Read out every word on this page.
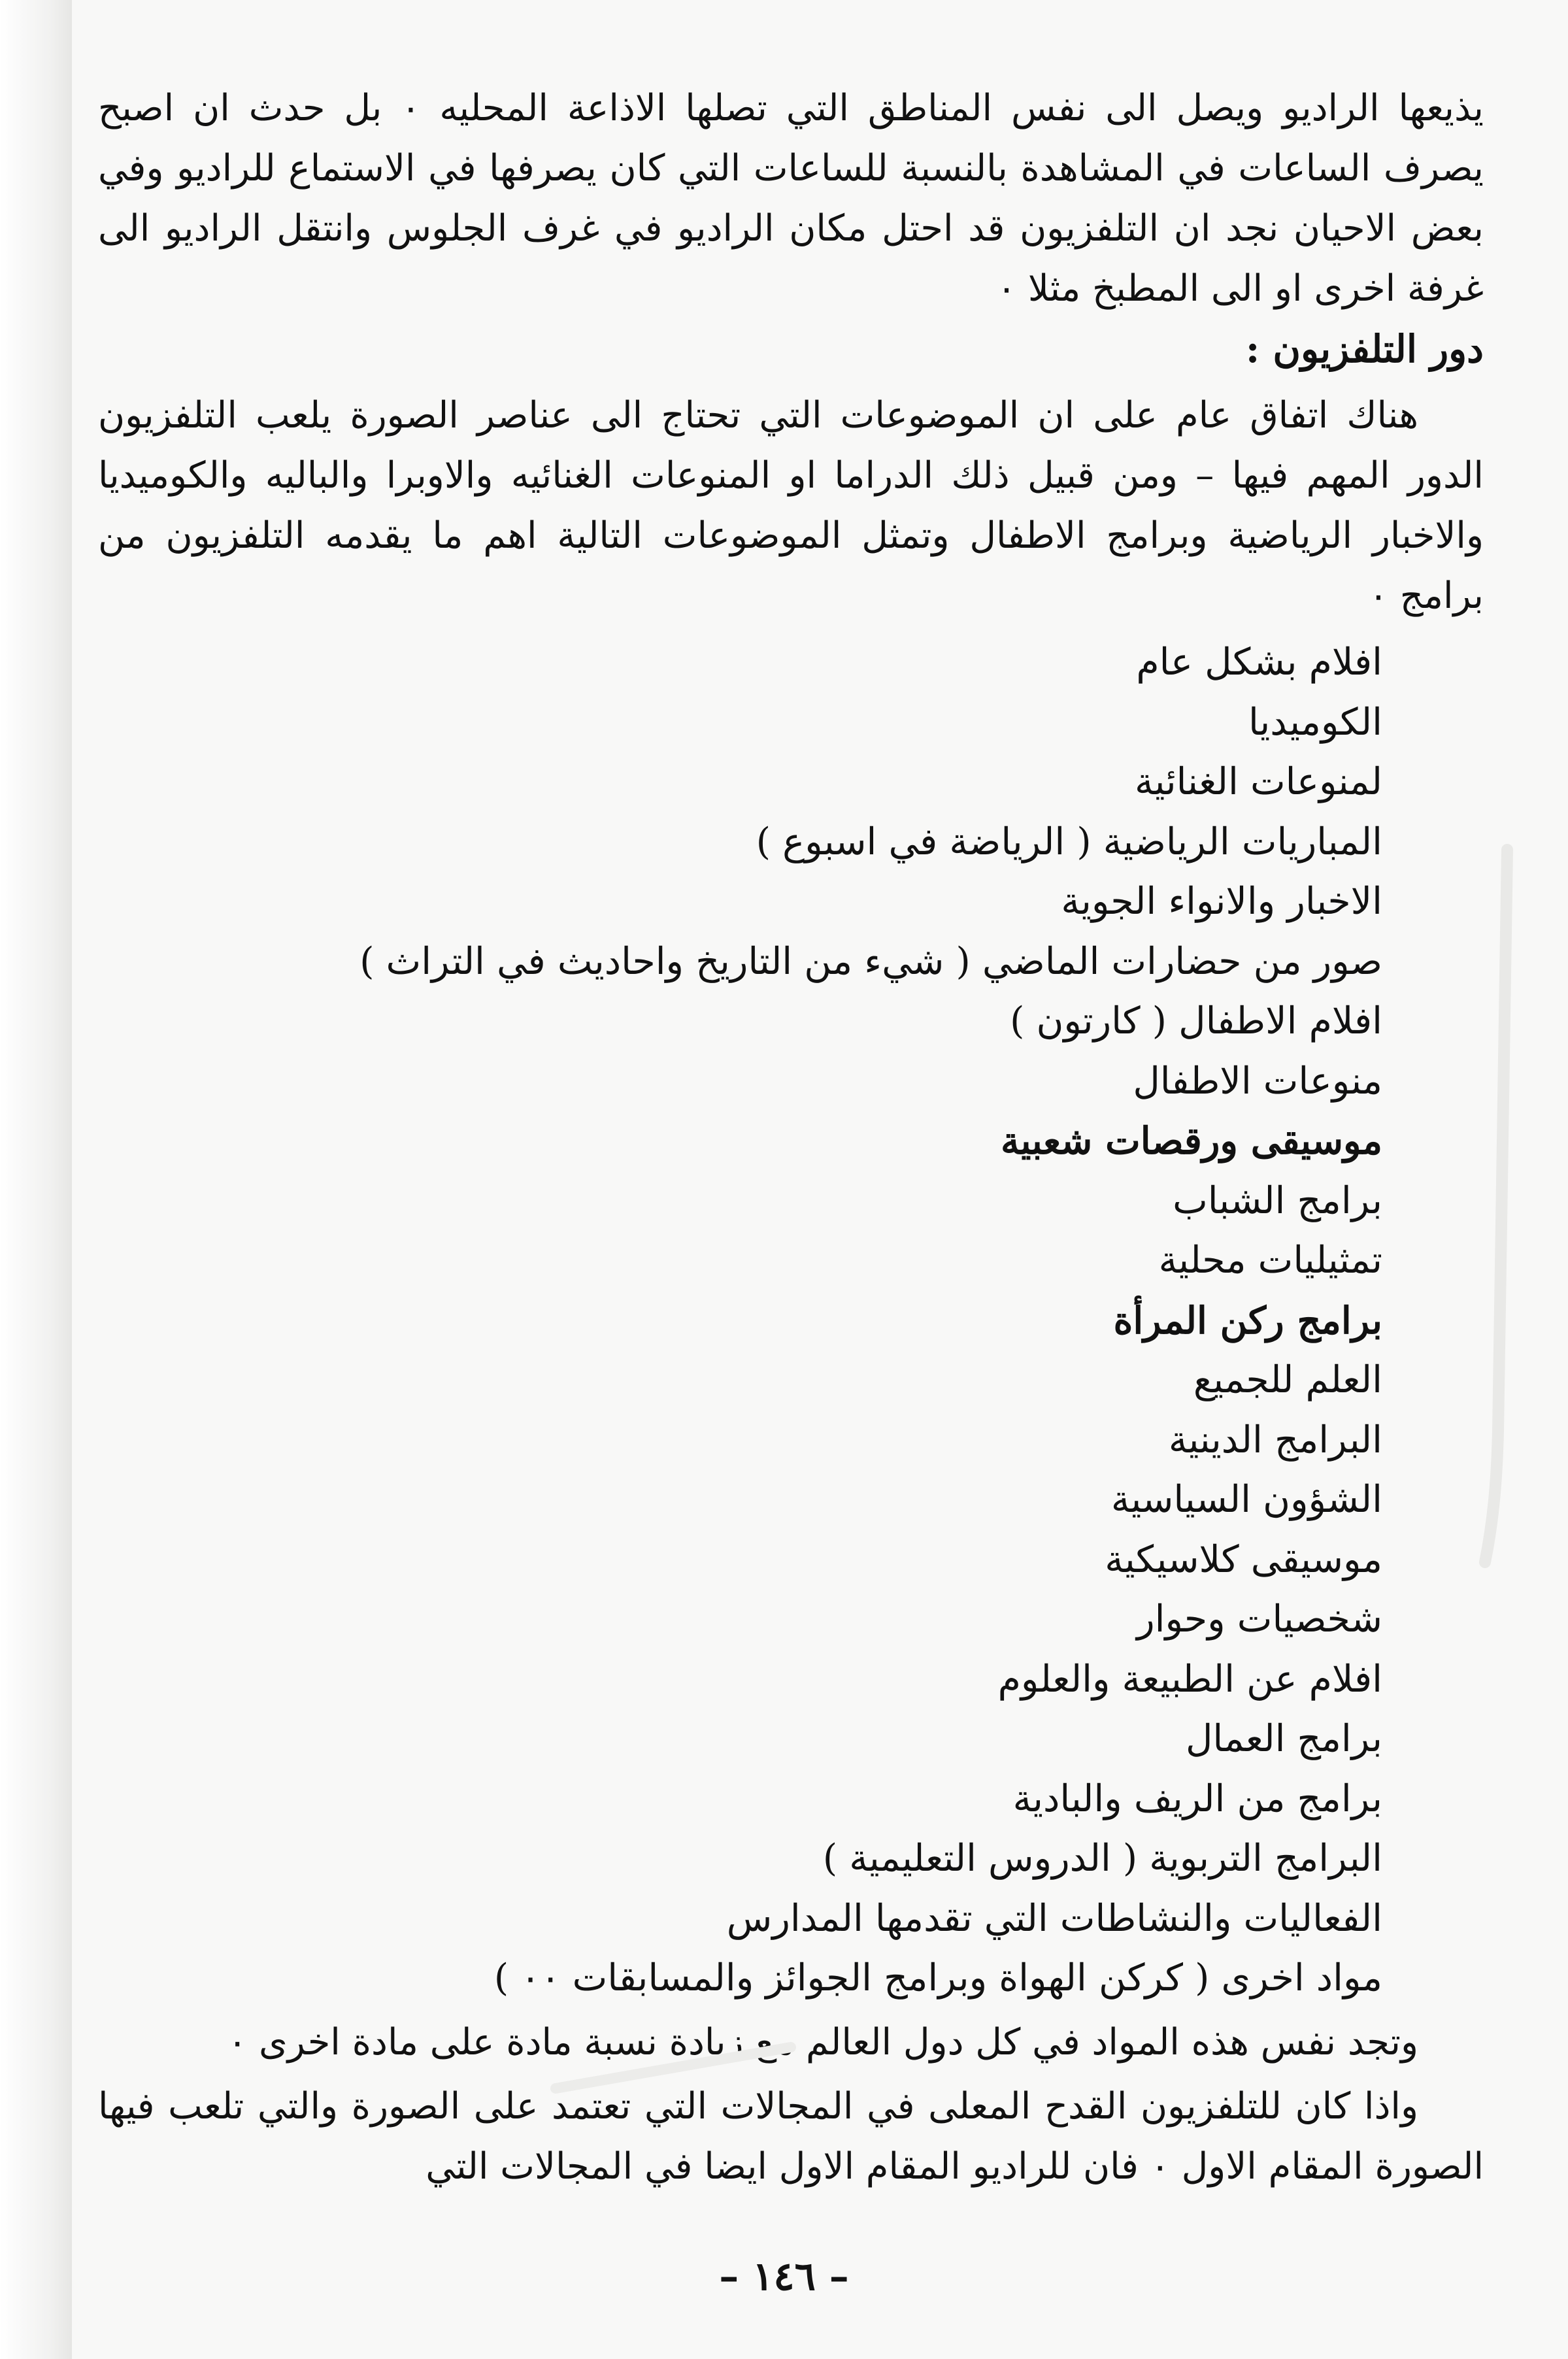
يذيعها الراديو ويصل الى نفس المناطق التي تصلها الاذاعة المحليه ٠ بل حدث ان اصبح يصرف الساعات في المشاهدة بالنسبة للساعات التي كان يصرفها في الاستماع للراديو وفي بعض الاحيان نجد ان التلفزيون قد احتل مكان الراديو في غرف الجلوس وانتقل الراديو الى غرفة اخرى او الى المطبخ مثلا ٠

دور التلفزيون :

هناك اتفاق عام على ان الموضوعات التي تحتاج الى عناصر الصورة يلعب التلفزيون الدور المهم فيها – ومن قبيل ذلك الدراما او المنوعات الغنائيه والاوبرا والباليه والكوميديا والاخبار الرياضية وبرامج الاطفال وتمثل الموضوعات التالية اهم ما يقدمه التلفزيون من برامج ٠

افلام بشكل عام
الكوميديا
لمنوعات الغنائية
المباريات الرياضية ( الرياضة في اسبوع )
الاخبار والانواء الجوية
صور من حضارات الماضي ( شيء من التاريخ واحاديث في التراث )
افلام الاطفال ( كارتون )
منوعات الاطفال
موسيقى ورقصات شعبية
برامج الشباب
تمثيليات محلية
برامج ركن المرأة
العلم للجميع
البرامج الدينية
الشؤون السياسية
موسيقى كلاسيكية
شخصيات وحوار
افلام عن الطبيعة والعلوم
برامج العمال
برامج من الريف والبادية
البرامج التربوية ( الدروس التعليمية )
الفعاليات والنشاطات التي تقدمها المدارس
مواد اخرى ( كركن الهواة وبرامج الجوائز والمسابقات ٠٠ )

وتجد نفس هذه المواد في كل دول العالم مع زيادة نسبة مادة على مادة اخرى ٠

واذا كان للتلفزيون القدح المعلى في المجالات التي تعتمد على الصورة والتي تلعب فيها الصورة المقام الاول ٠ فان للراديو المقام الاول ايضا في المجالات التي

– ١٤٦ –
